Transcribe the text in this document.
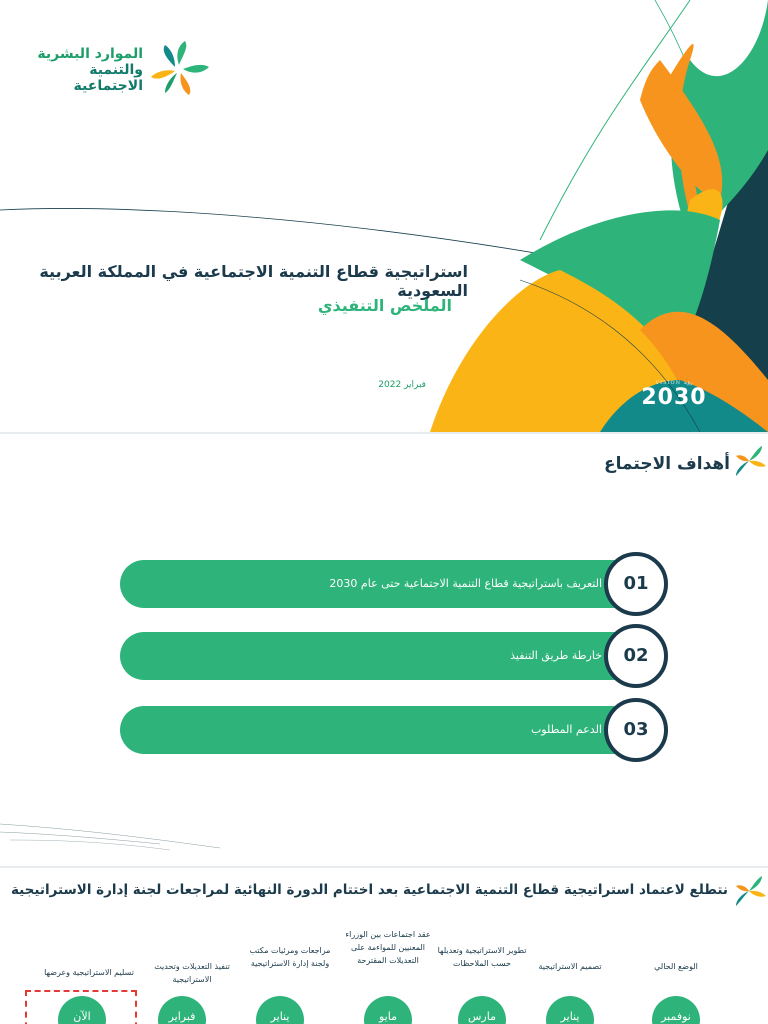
الموارد البشرية
والتنمية الاجتماعية
استراتيجية قطاع التنمية الاجتماعية في المملكة العربية السعودية
الملخص التنفيذي
فبراير 2022	VISION رؤية
2030
أهداف الاجتماع
التعريف باستراتيجية قطاع التنمية الاجتماعية حتى عام 2030	01
خارطة طريق التنفيذ	02
الدعم المطلوب	03
نتطلع لاعتماد استراتيجية قطاع التنمية الاجتماعية بعد اختتام الدورة النهائية لمراجعات لجنة إدارة الاستراتيجية
الوضع الحالي
تصميم الاستراتيجية
تطوير الاستراتيجية وتعديلها حسب الملاحظات
عقد اجتماعات بين الوزراء المعنيين للمواءمة على التعديلات المقترحة
مراجعات ومرئيات مكتب ولجنة إدارة الاستراتيجية
تنفيذ التعديلات وتحديث الاستراتيجية
تسليم الاستراتيجية وعرضها
نوفمبر
يناير
مارس
مايو
يناير
فبراير
الآن
